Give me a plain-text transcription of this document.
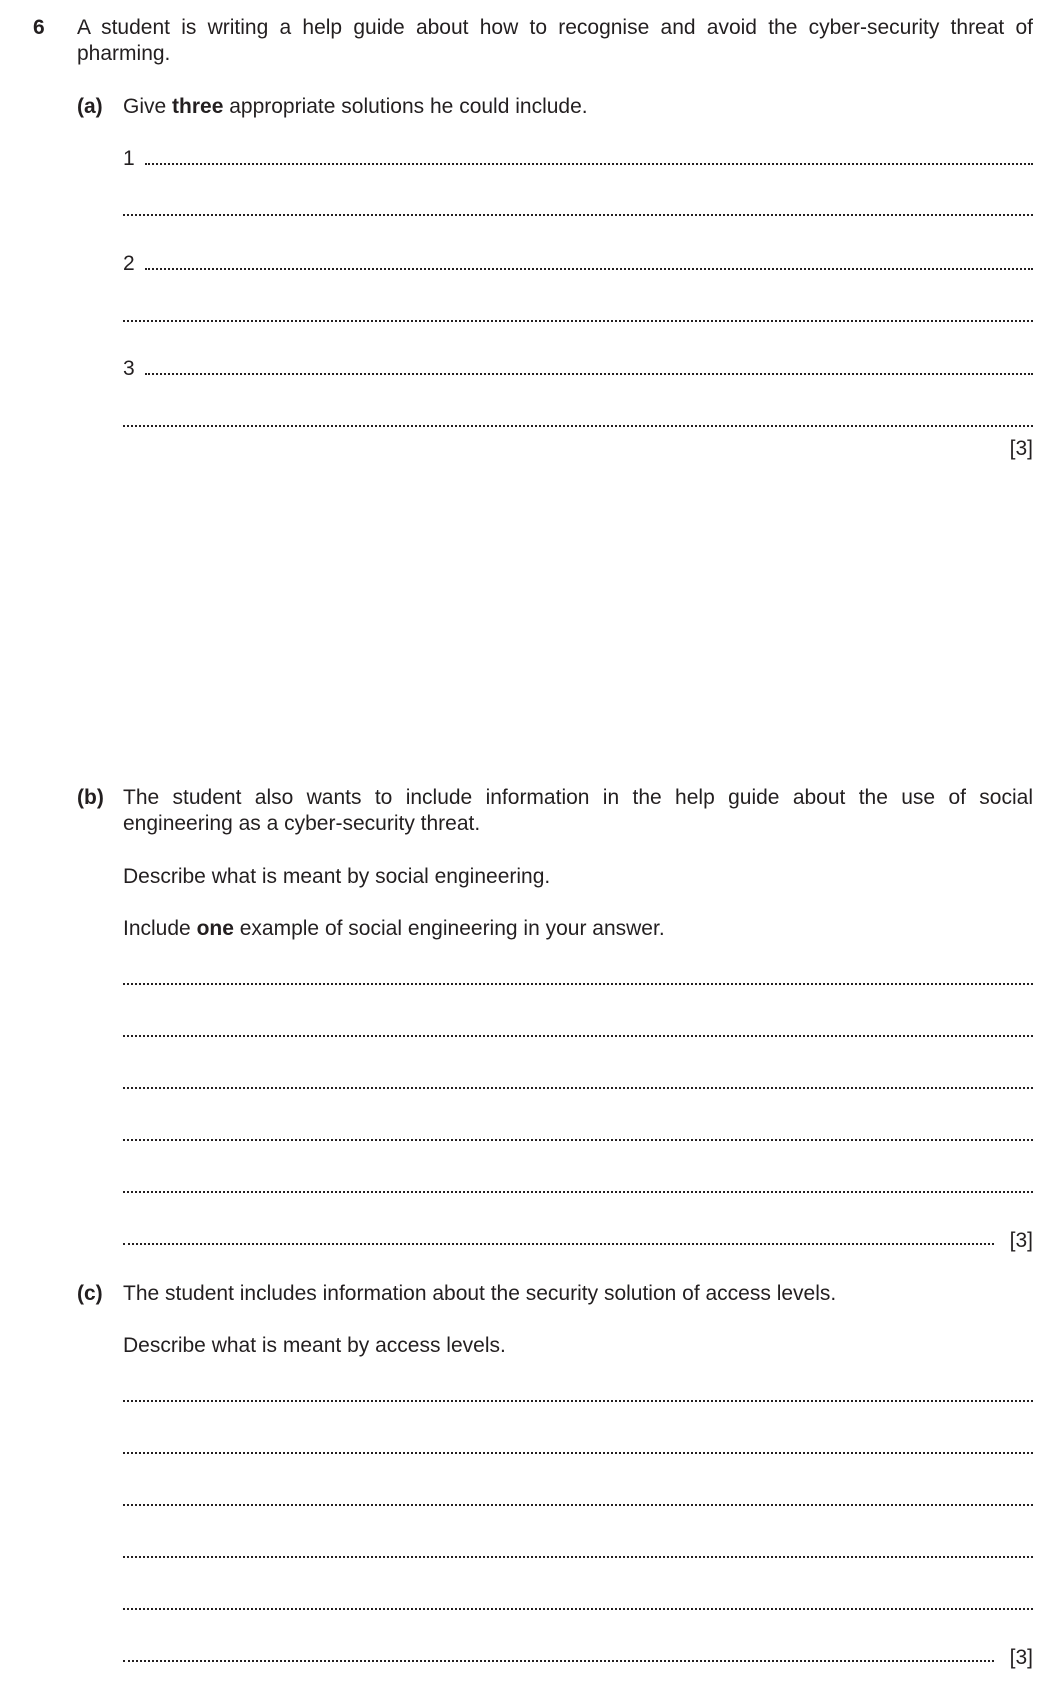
6 A student is writing a help guide about how to recognise and avoid the cyber-security threat of pharming.
(a) Give three appropriate solutions he could include.
1
2
3
[3]
(b) The student also wants to include information in the help guide about the use of social engineering as a cyber-security threat.
Describe what is meant by social engineering.
Include one example of social engineering in your answer.
[3]
(c) The student includes information about the security solution of access levels.
Describe what is meant by access levels.
[3]
